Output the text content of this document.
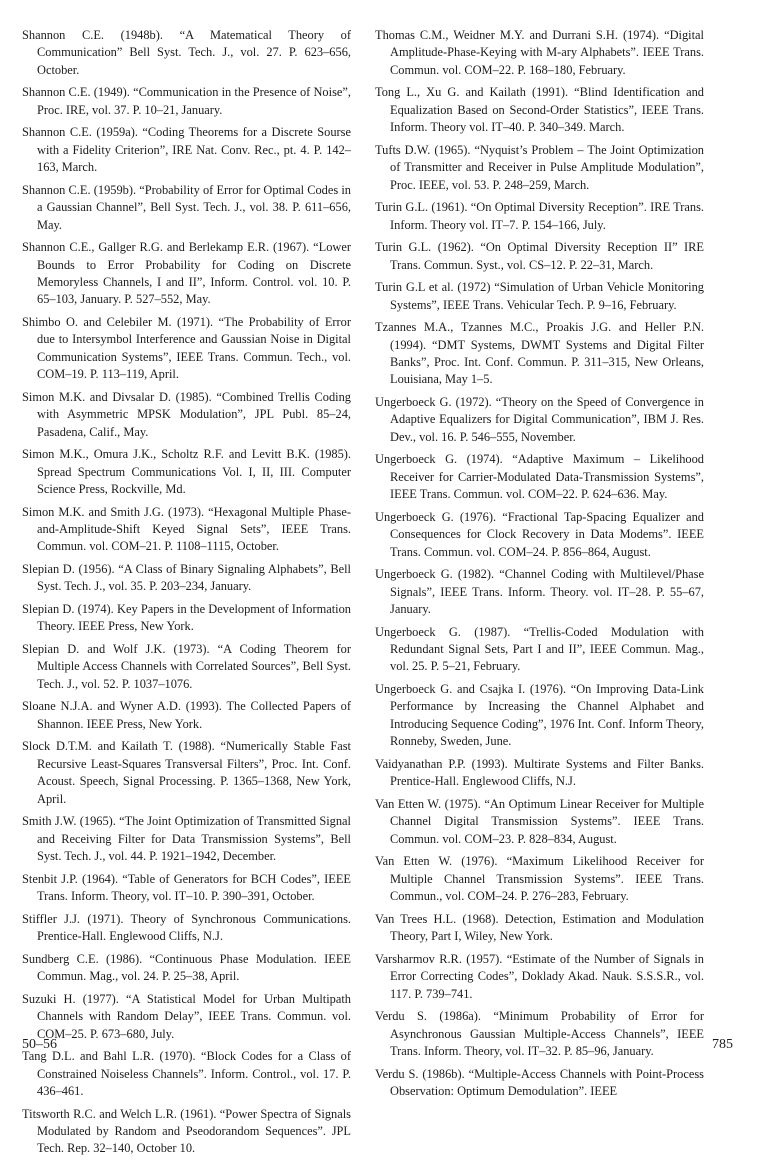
Shannon C.E. (1948b). “A Matematical Theory of Communication” Bell Syst. Tech. J., vol. 27. P. 623–656, October.

Shannon C.E. (1949). “Communication in the Presence of Noise”, Proc. IRE, vol. 37. P. 10–21, January.

Shannon C.E. (1959a). “Coding Theorems for a Discrete Sourse with a Fidelity Criterion”, IRE Nat. Conv. Rec., pt. 4. P. 142–163, March.

Shannon C.E. (1959b). “Probability of Error for Optimal Codes in a Gaussian Channel”, Bell Syst. Tech. J., vol. 38. P. 611–656, May.

Shannon C.E., Gallger R.G. and Berlekamp E.R. (1967). “Lower Bounds to Error Probability for Coding on Discrete Memoryless Channels, I and II”, Inform. Control. vol. 10. P. 65–103, January. P. 527–552, May.

Shimbo O. and Celebiler M. (1971). “The Probability of Error due to Intersymbol Interference and Gaussian Noise in Digital Communication Systems”, IEEE Trans. Commun. Tech., vol. COM–19. P. 113–119, April.

Simon M.K. and Divsalar D. (1985). “Combined Trellis Coding with Asymmetric MPSK Modulation”, JPL Publ. 85–24, Pasadena, Calif., May.

Simon M.K., Omura J.K., Scholtz R.F. and Levitt B.K. (1985). Spread Spectrum Communications Vol. I, II, III. Computer Science Press, Rockville, Md.

Simon M.K. and Smith J.G. (1973). “Hexagonal Multiple Phase-and-Amplitude-Shift Keyed Signal Sets”, IEEE Trans. Commun. vol. COM–21. P. 1108–1115, October.

Slepian D. (1956). “A Class of Binary Signaling Alphabets”, Bell Syst. Tech. J., vol. 35. P. 203–234, January.

Slepian D. (1974). Key Papers in the Development of Information Theory. IEEE Press, New York.

Slepian D. and Wolf J.K. (1973). “A Coding Theorem for Multiple Access Channels with Correlated Sources”, Bell Syst. Tech. J., vol. 52. P. 1037–1076.

Sloane N.J.A. and Wyner A.D. (1993). The Collected Papers of Shannon. IEEE Press, New York.

Slock D.T.M. and Kailath T. (1988). “Numerically Stable Fast Recursive Least-Squares Transversal Filters”, Proc. Int. Conf. Acoust. Speech, Signal Processing. P. 1365–1368, New York, April.

Smith J.W. (1965). “The Joint Optimization of Transmitted Signal and Receiving Filter for Data Transmission Systems”, Bell Syst. Tech. J., vol. 44. P. 1921–1942, December.

Stenbit J.P. (1964). “Table of Generators for BCH Codes”, IEEE Trans. Inform. Theory, vol. IT–10. P. 390–391, October.

Stiffler J.J. (1971). Theory of Synchronous Communications. Prentice-Hall. Englewood Cliffs, N.J.

Sundberg C.E. (1986). “Continuous Phase Modulation. IEEE Commun. Mag., vol. 24. P. 25–38, April.

Suzuki H. (1977). “A Statistical Model for Urban Multipath Channels with Random Delay”, IEEE Trans. Commun. vol. COM–25. P. 673–680, July.

Tang D.L. and Bahl L.R. (1970). “Block Codes for a Class of Constrained Noiseless Channels”. Inform. Control., vol. 17. P. 436–461.

Titsworth R.C. and Welch L.R. (1961). “Power Spectra of Signals Modulated by Random and Pseodorandom Sequences”. JPL Tech. Rep. 32–140, October 10.

Thomas C.M., Weidner M.Y. and Durrani S.H. (1974). “Digital Amplitude-Phase-Keying with M-ary Alphabets”. IEEE Trans. Commun. vol. COM–22. P. 168–180, February.

Tong L., Xu G. and Kailath (1991). “Blind Identification and Equalization Based on Second-Order Statistics”, IEEE Trans. Inform. Theory vol. IT–40. P. 340–349. March.

Tufts D.W. (1965). “Nyquist’s Problem – The Joint Optimization of Transmitter and Receiver in Pulse Amplitude Modulation”, Proc. IEEE, vol. 53. P. 248–259, March.

Turin G.L. (1961). “On Optimal Diversity Reception”. IRE Trans. Inform. Theory vol. IT–7. P. 154–166, July.

Turin G.L. (1962). “On Optimal Diversity Reception II” IRE Trans. Commun. Syst., vol. CS–12. P. 22–31, March.

Turin G.L et al. (1972) “Simulation of Urban Vehicle Monitoring Systems”, IEEE Trans. Vehicular Tech. P. 9–16, February.

Tzannes M.A., Tzannes M.C., Proakis J.G. and Heller P.N. (1994). “DMT Systems, DWMT Systems and Digital Filter Banks”, Proc. Int. Conf. Commun. P. 311–315, New Orleans, Louisiana, May 1–5.

Ungerboeck G. (1972). “Theory on the Speed of Convergence in Adaptive Equalizers for Digital Communication”, IBM J. Res. Dev., vol. 16. P. 546–555, November.

Ungerboeck G. (1974). “Adaptive Maximum – Likelihood Receiver for Carrier-Modulated Data-Transmission Systems”, IEEE Trans. Commun. vol. COM–22. P. 624–636. May.

Ungerboeck G. (1976). “Fractional Tap-Spacing Equalizer and Consequences for Clock Recovery in Data Modems”. IEEE Trans. Commun. vol. COM–24. P. 856–864, August.

Ungerboeck G. (1982). “Channel Coding with Multilevel/Phase Signals”, IEEE Trans. Inform. Theory. vol. IT–28. P. 55–67, January.

Ungerboeck G. (1987). “Trellis-Coded Modulation with Redundant Signal Sets, Part I and II”, IEEE Commun. Mag., vol. 25. P. 5–21, February.

Ungerboeck G. and Csajka I. (1976). “On Improving Data-Link Performance by Increasing the Channel Alphabet and Introducing Sequence Coding”, 1976 Int. Conf. Inform Theory, Ronneby, Sweden, June.

Vaidyanathan P.P. (1993). Multirate Systems and Filter Banks. Prentice-Hall. Englewood Cliffs, N.J.

Van Etten W. (1975). “An Optimum Linear Receiver for Multiple Channel Digital Transmission Systems”. IEEE Trans. Commun. vol. COM–23. P. 828–834, August.

Van Etten W. (1976). “Maximum Likelihood Receiver for Multiple Channel Transmission Systems”. IEEE Trans. Commun., vol. COM–24. P. 276–283, February.

Van Trees H.L. (1968). Detection, Estimation and Modulation Theory, Part I, Wiley, New York.

Varsharmov R.R. (1957). “Estimate of the Number of Signals in Error Correcting Codes”, Doklady Akad. Nauk. S.S.S.R., vol. 117. P. 739–741.

Verdu S. (1986a). “Minimum Probability of Error for Asynchronous Gaussian Multiple-Access Channels”, IEEE Trans. Inform. Theory, vol. IT–32. P. 85–96, January.

Verdu S. (1986b). “Multiple-Access Channels with Point-Process Observation: Optimum Demodulation”. IEEE

50–56	785
